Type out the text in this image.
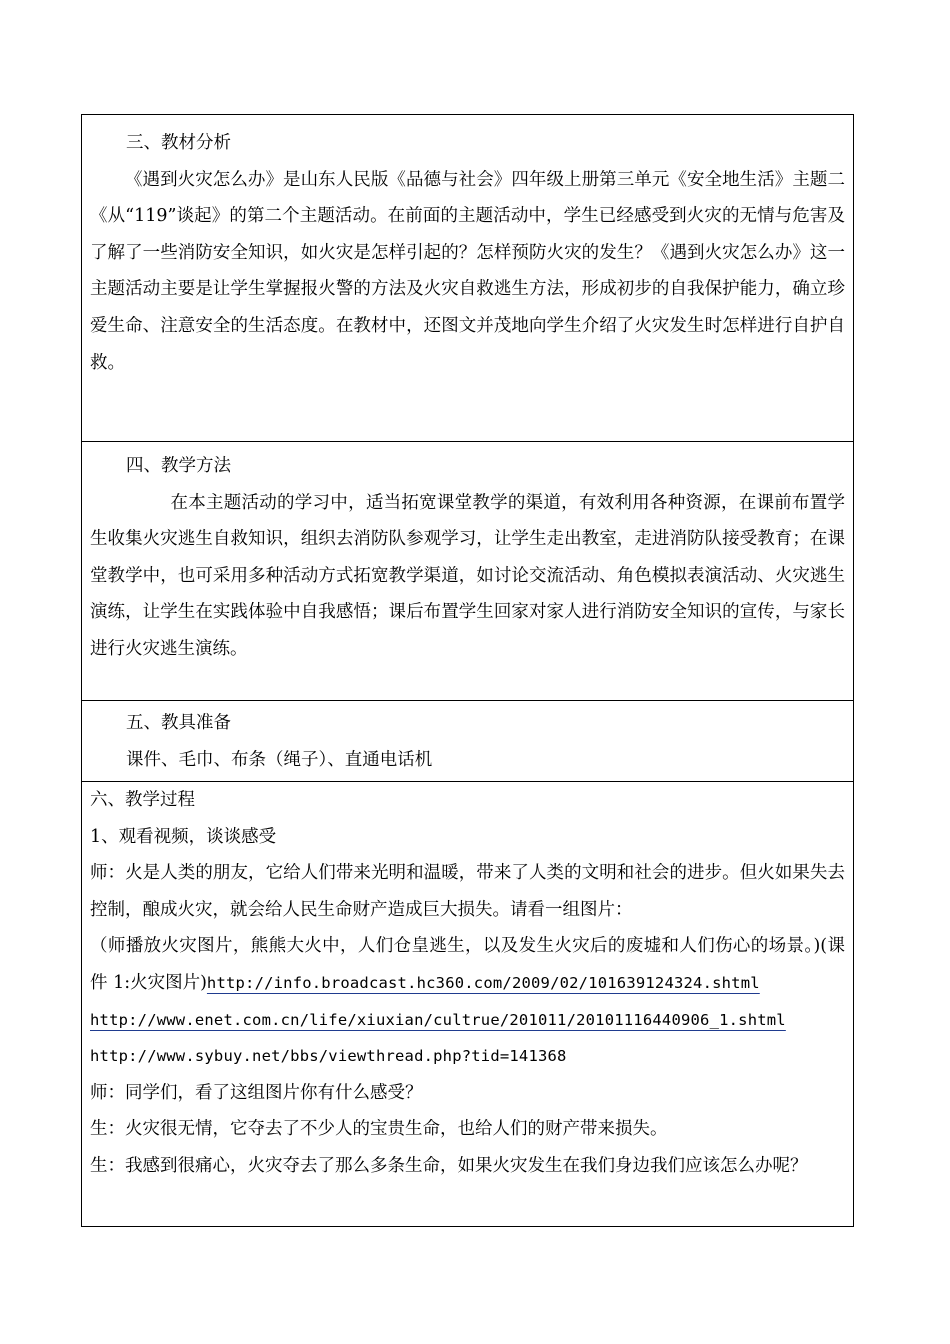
三、教材分析

《遇到火灾怎么办》是山东人民版《品德与社会》四年级上册第三单元《安全地生活》主题二《从“119”谈起》的第二个主题活动。在前面的主题活动中，学生已经感受到火灾的无情与危害及了解了一些消防安全知识，如火灾是怎样引起的？怎样预防火灾的发生？《遇到火灾怎么办》这一主题活动主要是让学生掌握报火警的方法及火灾自救逃生方法，形成初步的自我保护能力，确立珍爱生命、注意安全的生活态度。在教材中，还图文并茂地向学生介绍了火灾发生时怎样进行自护自救。

四、教学方法

在本主题活动的学习中，适当拓宽课堂教学的渠道，有效利用各种资源，在课前布置学生收集火灾逃生自救知识，组织去消防队参观学习，让学生走出教室，走进消防队接受教育；在课堂教学中，也可采用多种活动方式拓宽教学渠道，如讨论交流活动、角色模拟表演活动、火灾逃生演练，让学生在实践体验中自我感悟；课后布置学生回家对家人进行消防安全知识的宣传，与家长进行火灾逃生演练。

五、教具准备

课件、毛巾、布条（绳子）、直通电话机

六、教学过程

1、观看视频，谈谈感受

师：火是人类的朋友，它给人们带来光明和温暖，带来了人类的文明和社会的进步。但火如果失去控制，酿成火灾，就会给人民生命财产造成巨大损失。请看一组图片：

（师播放火灾图片，熊熊大火中，人们仓皇逃生，以及发生火灾后的废墟和人们伤心的场景。)(课件 1:火灾图片)http://info.broadcast.hc360.com/2009/02/101639124324.shtml

http://www.enet.com.cn/life/xiuxian/cultrue/201011/20101116440906_1.shtml

http://www.sybuy.net/bbs/viewthread.php?tid=141368

师：同学们，看了这组图片你有什么感受？

生：火灾很无情，它夺去了不少人的宝贵生命，也给人们的财产带来损失。

生：我感到很痛心，火灾夺去了那么多条生命，如果火灾发生在我们身边我们应该怎么办呢？
